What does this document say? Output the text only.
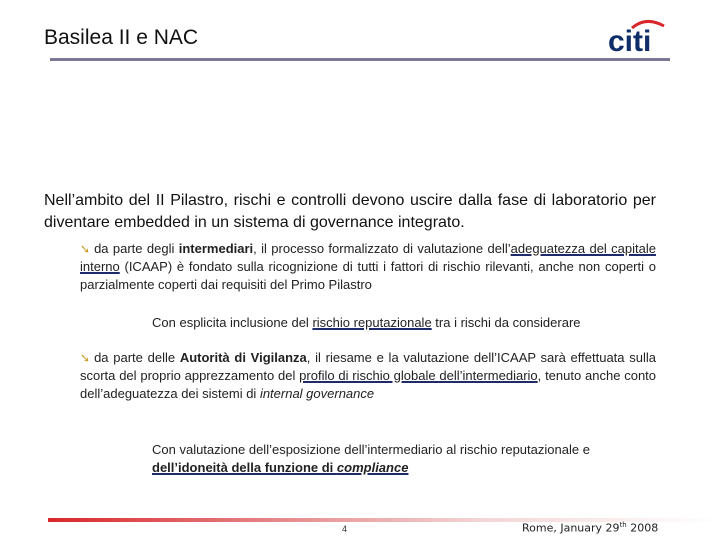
Basilea II e NAC	citi
Nell’ambito del II Pilastro, rischi e controlli devono uscire dalla fase di laboratorio per diventare embedded in un sistema di governance integrato.
➘ da parte degli intermediari, il processo formalizzato di valutazione dell’adeguatezza del capitale interno (ICAAP) è fondato sulla ricognizione di tutti i fattori di rischio rilevanti, anche non coperti o parzialmente coperti dai requisiti del Primo Pilastro
Con esplicita inclusione del rischio reputazionale tra i rischi da considerare
➘ da parte delle Autorità di Vigilanza, il riesame e la valutazione dell’ICAAP sarà effettuata sulla scorta del proprio apprezzamento del profilo di rischio globale dell’intermediario, tenuto anche conto dell’adeguatezza dei sistemi di internal governance
Con valutazione dell’esposizione dell’intermediario al rischio reputazionale e dell’idoneità della funzione di compliance
4	Rome, January 29th 2008
